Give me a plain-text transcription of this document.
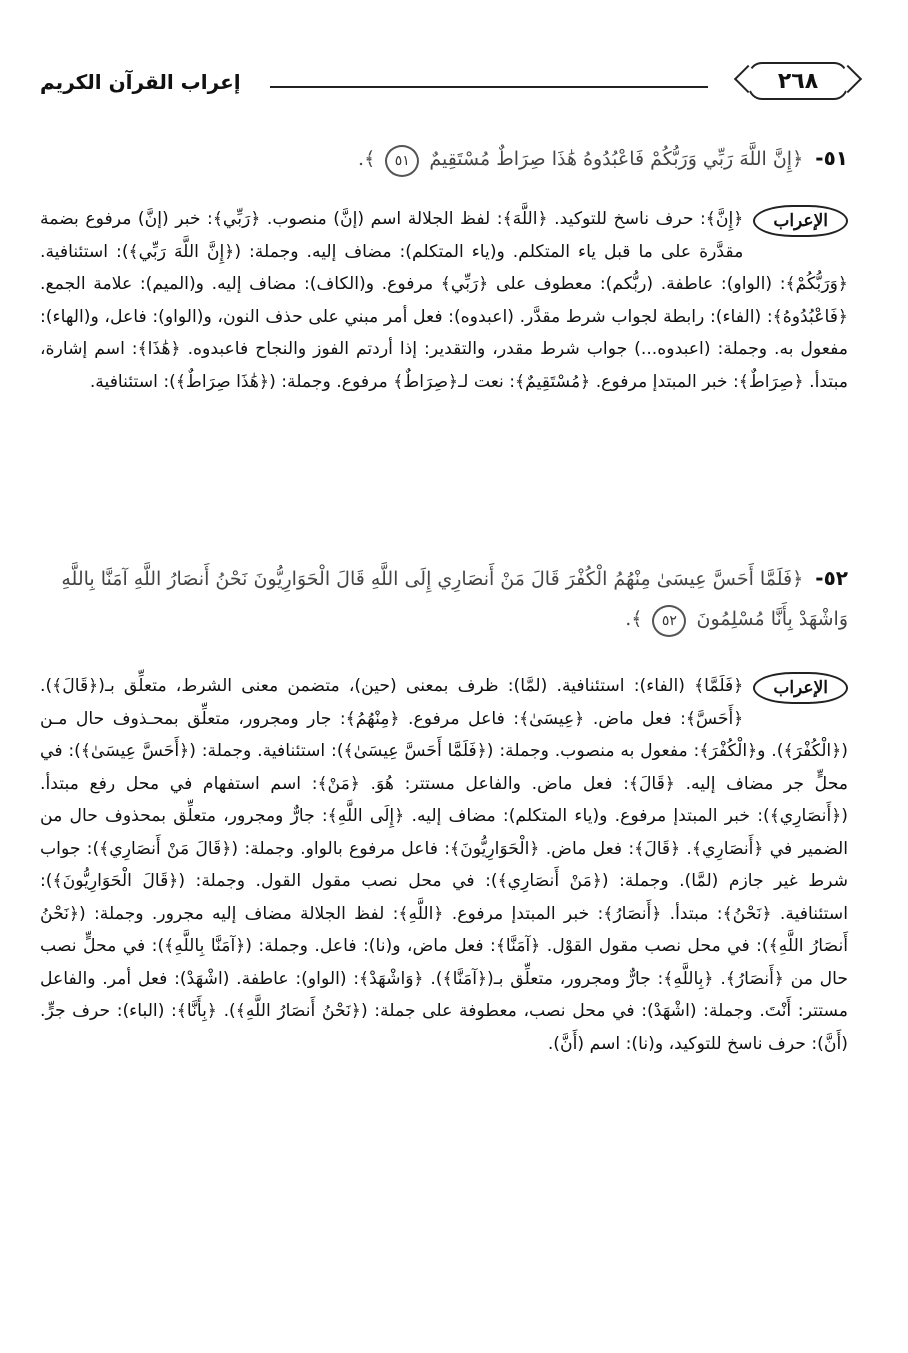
٢٦٨
إعراب القرآن الكريم
٥١- ﴿إِنَّ اللَّهَ رَبِّي وَرَبُّكُمْ فَاعْبُدُوهُ هَٰذَا صِرَاطٌ مُسْتَقِيمٌ ٥١ ﴾.
الإعراب
﴿إِنَّ﴾: حرف ناسخ للتوكيد. ﴿اللَّهَ﴾: لفظ الجلالة اسم (إنَّ) منصوب. ﴿رَبِّي﴾: خبر (إنَّ) مرفوع بضمة مقدَّرة على ما قبل ياء المتكلم. و(ياء المتكلم): مضاف إليه. وجملة: (﴿إِنَّ اللَّهَ رَبِّي﴾): استئنافية. ﴿وَرَبُّكُمْ﴾: (الواو): عاطفة. (ربُّكم): معطوف على ﴿رَبِّي﴾ مرفوع. و(الكاف): مضاف إليه. و(الميم): علامة الجمع. ﴿فَاعْبُدُوهُ﴾: (الفاء): رابطة لجواب شرط مقدَّر. (اعبدوه): فعل أمر مبني على حذف النون، و(الواو): فاعل، و(الهاء): مفعول به. وجملة: (اعبدوه...) جواب شرط مقدر، والتقدير: إذا أردتم الفوز والنجاح فاعبدوه. ﴿هَٰذَا﴾: اسم إشارة، مبتدأ. ﴿صِرَاطٌ﴾: خبر المبتدإ مرفوع. ﴿مُسْتَقِيمٌ﴾: نعت لـ﴿صِرَاطٌ﴾ مرفوع. وجملة: (﴿هَٰذَا صِرَاطٌ﴾): استئنافية.
٥٢- ﴿فَلَمَّا أَحَسَّ عِيسَىٰ مِنْهُمُ الْكُفْرَ قَالَ مَنْ أَنصَارِي إِلَى اللَّهِ قَالَ الْحَوَارِيُّونَ نَحْنُ أَنصَارُ اللَّهِ آمَنَّا بِاللَّهِ وَاشْهَدْ بِأَنَّا مُسْلِمُونَ ٥٢ ﴾.
الإعراب
﴿فَلَمَّا﴾ (الفاء): استئنافية. (لمَّا): ظرف بمعنى (حين)، متضمن معنى الشرط، متعلِّق بـ(﴿قَالَ﴾). ﴿أَحَسَّ﴾: فعل ماض. ﴿عِيسَىٰ﴾: فاعل مرفوع. ﴿مِنْهُمُ﴾: جار ومجرور، متعلِّق بمحـذوف حال مـن (﴿الْكُفْرَ﴾). و﴿الْكُفْرَ﴾: مفعول به منصوب. وجملة: (﴿فَلَمَّا أَحَسَّ عِيسَىٰ﴾): استئنافية. وجملة: (﴿أَحَسَّ عِيسَىٰ﴾): في محلٍّ جر مضاف إليه. ﴿قَالَ﴾: فعل ماض. والفاعل مستتر: هُوَ. ﴿مَنْ﴾: اسم استفهام في محل رفع مبتدأ. (﴿أَنصَارِي﴾): خبر المبتدإ مرفوع. و(ياء المتكلم): مضاف إليه. ﴿إِلَى اللَّهِ﴾: جارٌّ ومجرور، متعلِّق بمحذوف حال من الضمير في ﴿أَنصَارِي﴾. ﴿قَالَ﴾: فعل ماض. ﴿الْحَوَارِيُّونَ﴾: فاعل مرفوع بالواو. وجملة: (﴿قَالَ مَنْ أَنصَارِي﴾): جواب شرط غير جازم (لمَّا). وجملة: (﴿مَنْ أَنصَارِي﴾): في محل نصب مقول القول. وجملة: (﴿قَالَ الْحَوَارِيُّونَ﴾): استئنافية. ﴿نَحْنُ﴾: مبتدأ. ﴿أَنصَارُ﴾: خبر المبتدإ مرفوع. ﴿اللَّهِ﴾: لفظ الجلالة مضاف إليه مجرور. وجملة: (﴿نَحْنُ أَنصَارُ اللَّهِ﴾): في محل نصب مقول القوْل. ﴿آمَنَّا﴾: فعل ماض، و(نا): فاعل. وجملة: (﴿آمَنَّا بِاللَّهِ﴾): في محلٍّ نصب حال من ﴿أَنصَارُ﴾. ﴿بِاللَّهِ﴾: جارٌّ ومجرور، متعلِّق بـ(﴿آمَنَّا﴾). ﴿وَاشْهَدْ﴾: (الواو): عاطفة. (اشْهَدْ): فعل أمر. والفاعل مستتر: أَنْتَ. وجملة: (اشْهَدْ): في محل نصب، معطوفة على جملة: (﴿نَحْنُ أَنصَارُ اللَّهِ﴾). ﴿بِأَنَّا﴾: (الباء): حرف جرٍّ. (أَنَّ): حرف ناسخ للتوكيد، و(نا): اسم (أَنَّ).
